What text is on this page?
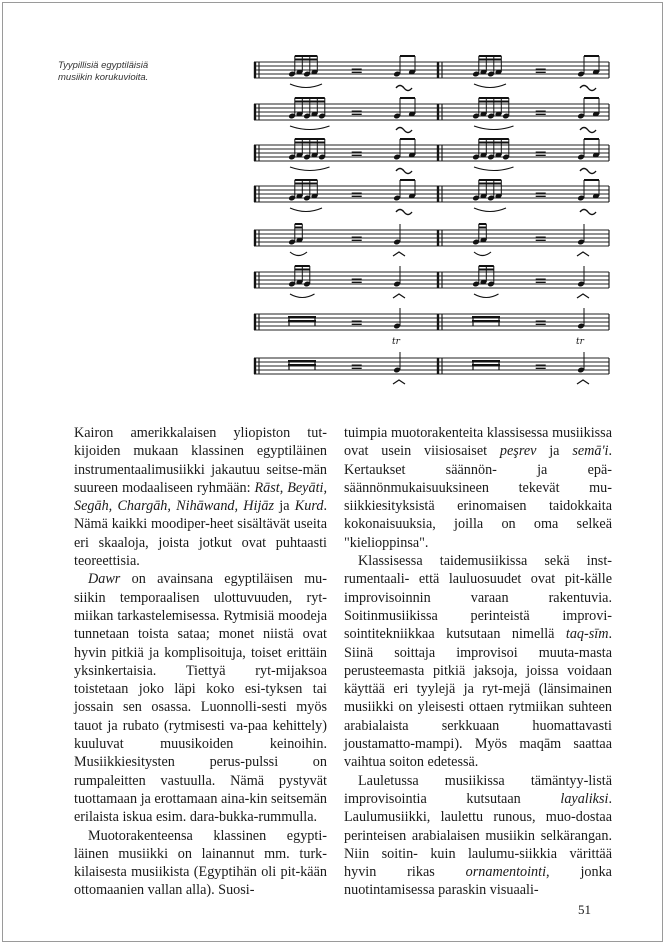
Tyypillisiä egyptiläisiä
musiikin korukuvioita.	=	=
=	=
=	=
=	=
=	=
=	=
=
tr
=
tr
=	=

Kairon amerikkalaisen yliopiston tut-kijoiden mukaan klassinen egyptiläinen instrumentaalimusiikki jakautuu seitse-män suureen modaaliseen ryhmään: Rāst, Beyāti, Segāh, Chargāh, Nihāwand, Hijāz ja Kurd. Nämä kaikki moodiper-heet sisältävät useita eri skaaloja, joista jotkut ovat puhtaasti teoreettisia.

Dawr on avainsana egyptiläisen mu-siikin temporaalisen ulottuvuuden, ryt-miikan tarkastelemisessa. Rytmisiä moodeja tunnetaan toista sataa; monet niistä ovat hyvin pitkiä ja komplisoituja, toiset erittäin yksinkertaisia. Tiettyä ryt-mijaksoa toistetaan joko läpi koko esi-tyksen tai jossain sen osassa. Luonnolli-sesti myös tauot ja rubato (rytmisesti va-paa kehittely) kuuluvat muusikoiden keinoihin. Musiikkiesitysten perus-pulssi on rumpaleitten vastuulla. Nämä pystyvät tuottamaan ja erottamaan aina-kin seitsemän erilaista iskua esim. dara-bukka-rummulla.

Muotorakenteensa klassinen egypti-läinen musiikki on lainannut mm. turk-kilaisesta musiikista (Egyptihän oli pit-kään ottomaanien vallan alla). Suosi-

tuimpia muotorakenteita klassisessa musiikissa ovat usein viisiosaiset peşrev ja semā'i. Kertaukset säännön- ja epä-säännönmukaisuuksineen tekevät mu-siikkiesityksistä erinomaisen taidokkaita kokonaisuuksia, joilla on oma selkeä "kielioppinsa".

Klassisessa taidemusiikissa sekä inst-rumentaali- että lauluosuudet ovat pit-källe improvisoinnin varaan rakentuvia. Soitinmusiikissa perinteistä improvi-sointitekniikkaa kutsutaan nimellä taq-sīm. Siinä soittaja improvisoi muuta-masta perusteemasta pitkiä jaksoja, joissa voidaan käyttää eri tyylejä ja ryt-mejä (länsimainen musiikki on yleisesti ottaen rytmiikan suhteen arabialaista serkkuaan huomattavasti joustamatto-mampi). Myös maqām saattaa vaihtua soiton edetessä.

Lauletussa musiikissa tämäntyy-listä improvisointia kutsutaan layaliksi. Laulumusiikki, laulettu runous, muo-dostaa perinteisen arabialaisen musiikin selkärangan. Niin soitin- kuin laulumu-siikkia värittää hyvin rikas ornamentointi, jonka nuotintamisessa paraskin visuaali-

51
